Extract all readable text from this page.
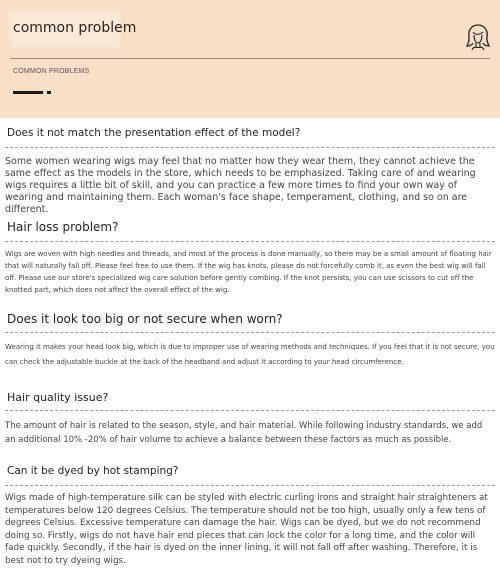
common problem
COMMON PROBLEMS
Does it not match the presentation effect of the model?
Some women wearing wigs may feel that no matter how they wear them, they cannot achieve the same effect as the models in the store, which needs to be emphasized. Taking care of and wearing wigs requires a little bit of skill, and you can practice a few more times to find your own way of wearing and maintaining them. Each woman's face shape, temperament, clothing, and so on are different.
Hair loss problem?
Wigs are woven with high needles and threads, and most of the process is done manually, so there may be a small amount of floating hair that will naturally fall off. Please feel free to use them. If the wig has knots, please do not forcefully comb it, as even the best wig will fall off. Please use our store's specialized wig care solution before gently combing. If the knot persists, you can use scissors to cut off the knotted part, which does not affect the overall effect of the wig.
Does it look too big or not secure when worn?
Wearing it makes your head look big, which is due to improper use of wearing methods and techniques. If you feel that it is not secure, you can check the adjustable buckle at the back of the headband and adjust it according to your head circumference.
Hair quality issue?
The amount of hair is related to the season, style, and hair material. While following industry standards, we add an additional 10% -20% of hair volume to achieve a balance between these factors as much as possible.
Can it be dyed by hot stamping?
Wigs made of high-temperature silk can be styled with electric curling irons and straight hair straighteners at temperatures below 120 degrees Celsius. The temperature should not be too high, usually only a few tens of degrees Celsius. Excessive temperature can damage the hair. Wigs can be dyed, but we do not recommend doing so. Firstly, wigs do not have hair end pieces that can lock the color for a long time, and the color will fade quickly. Secondly, if the hair is dyed on the inner lining, it will not fall off after washing. Therefore, it is best not to try dyeing wigs.
